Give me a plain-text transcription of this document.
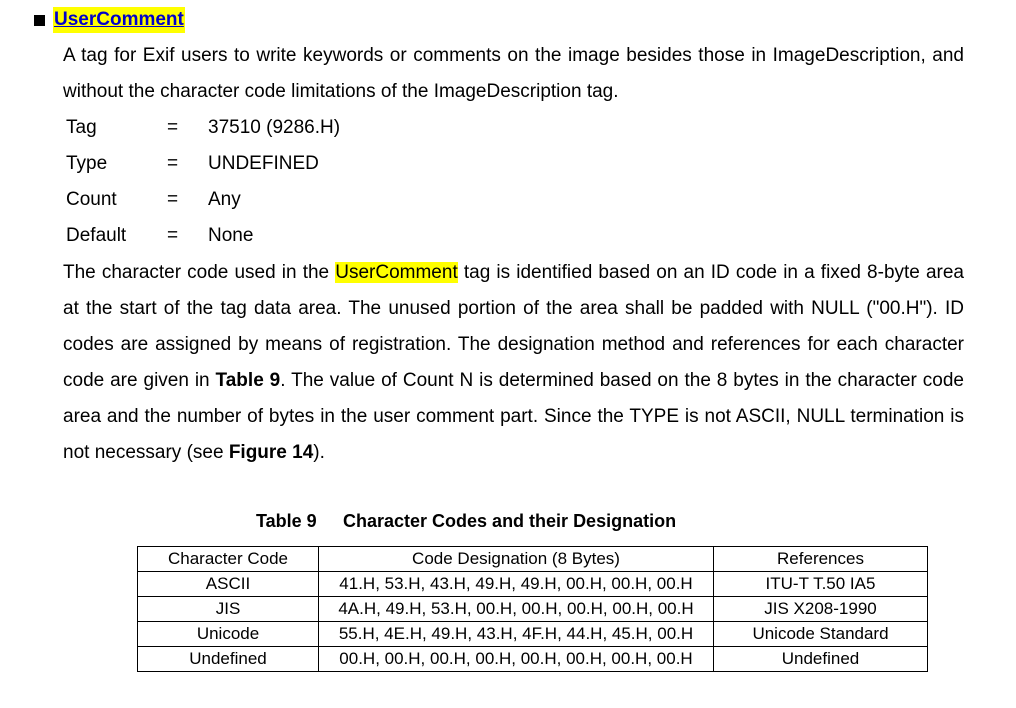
UserComment
A tag for Exif users to write keywords or comments on the image besides those in ImageDescription, and without the character code limitations of the ImageDescription tag.
Tag	= 37510 (9286.H)
Type	= UNDEFINED
Count	= Any
Default = None
The character code used in the UserComment tag is identified based on an ID code in a fixed 8-byte area at the start of the tag data area. The unused portion of the area shall be padded with NULL ("00.H"). ID codes are assigned by means of registration. The designation method and references for each character code are given in Table 9. The value of Count N is determined based on the 8 bytes in the character code area and the number of bytes in the user comment part. Since the TYPE is not ASCII, NULL termination is not necessary (see Figure 14).
Table 9 Character Codes and their Designation
Character Code	Code Designation (8 Bytes)	References
ASCII	41.H, 53.H, 43.H, 49.H, 49.H, 00.H, 00.H, 00.H	ITU-T T.50 IA5
JIS	4A.H, 49.H, 53.H, 00.H, 00.H, 00.H, 00.H, 00.H	JIS X208-1990
Unicode	55.H, 4E.H, 49.H, 43.H, 4F.H, 44.H, 45.H, 00.H	Unicode Standard
Undefined	00.H, 00.H, 00.H, 00.H, 00.H, 00.H, 00.H, 00.H	Undefined
